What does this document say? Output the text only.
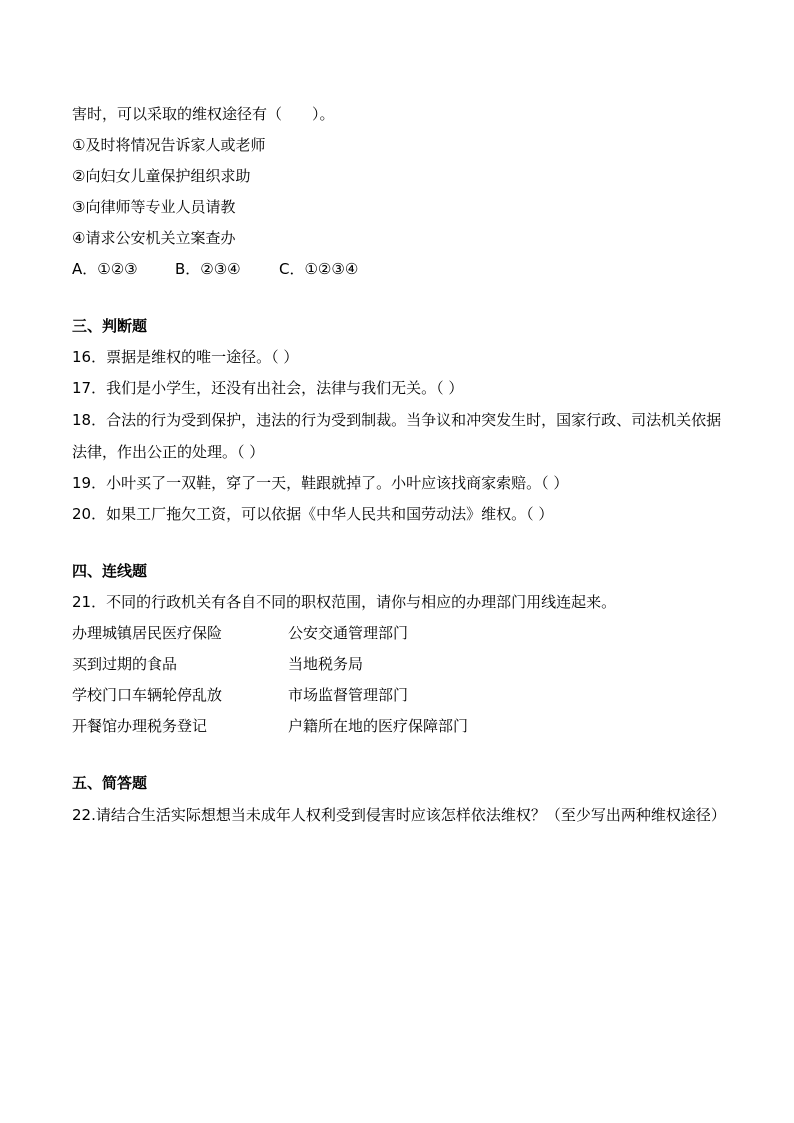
害时，可以采取的维权途径有（　　）。
①及时将情况告诉家人或老师
②向妇女儿童保护组织求助
③向律师等专业人员请教
④请求公安机关立案查办
A．①②③	B．②③④	C．①②③④
三、判断题
16．票据是维权的唯一途径。（ ）
17．我们是小学生，还没有出社会，法律与我们无关。（ ）
18．合法的行为受到保护，违法的行为受到制裁。当争议和冲突发生时，国家行政、司法机关依据法律，作出公正的处理。（ ）
19．小叶买了一双鞋，穿了一天，鞋跟就掉了。小叶应该找商家索赔。（ ）
20．如果工厂拖欠工资，可以依据《中华人民共和国劳动法》维权。（ ）
四、连线题
21．不同的行政机关有各自不同的职权范围，请你与相应的办理部门用线连起来。
办理城镇居民医疗保险	公安交通管理部门
买到过期的食品	当地税务局
学校门口车辆轮停乱放	市场监督管理部门
开餐馆办理税务登记	户籍所在地的医疗保障部门
五、简答题
22.请结合生活实际想想当未成年人权利受到侵害时应该怎样依法维权？（至少写出两种维权途径）
